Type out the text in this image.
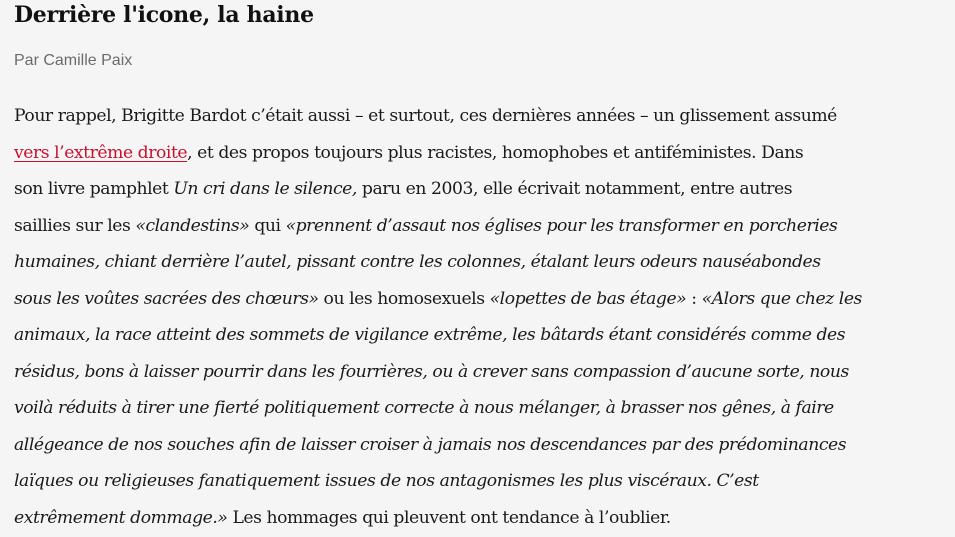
Derrière l'icone, la haine
Par Camille Paix
Pour rappel, Brigitte Bardot c’était aussi – et surtout, ces dernières années – un glissement assumé
vers l’extrême droite, et des propos toujours plus racistes, homophobes et antiféministes. Dans
son livre pamphlet Un cri dans le silence, paru en 2003, elle écrivait notamment, entre autres
saillies sur les «clandestins» qui «prennent d’assaut nos églises pour les transformer en porcheries
humaines, chiant derrière l’autel, pissant contre les colonnes, étalant leurs odeurs nauséabondes
sous les voûtes sacrées des chœurs» ou les homosexuels «lopettes de bas étage» : «Alors que chez les
animaux, la race atteint des sommets de vigilance extrême, les bâtards étant considérés comme des
résidus, bons à laisser pourrir dans les fourrières, ou à crever sans compassion d’aucune sorte, nous
voilà réduits à tirer une fierté politiquement correcte à nous mélanger, à brasser nos gênes, à faire
allégeance de nos souches afin de laisser croiser à jamais nos descendances par des prédominances
laïques ou religieuses fanatiquement issues de nos antagonismes les plus viscéraux. C’est
extrêmement dommage.» Les hommages qui pleuvent ont tendance à l’oublier.
